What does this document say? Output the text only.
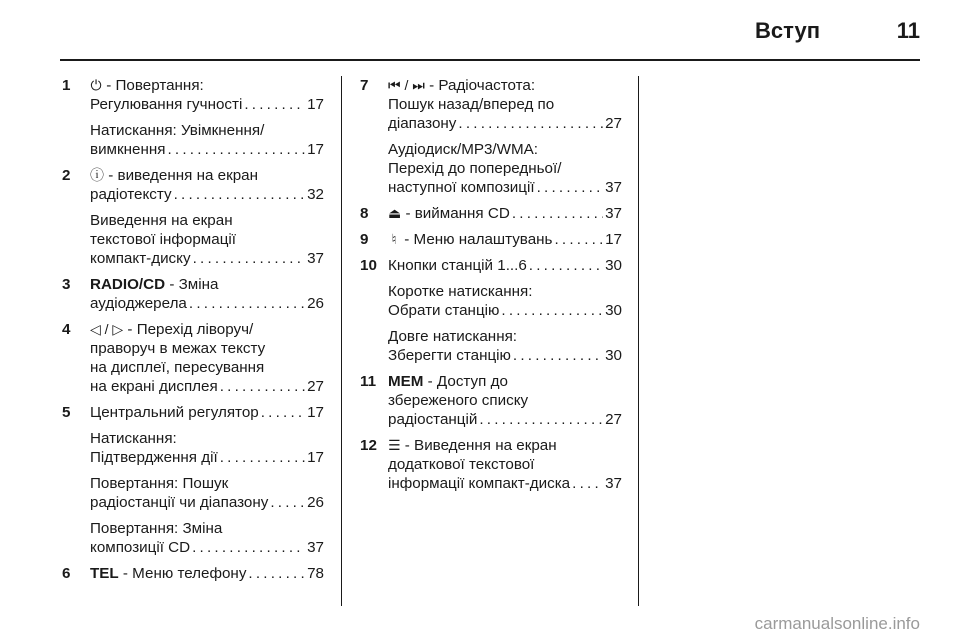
Вступ	11
1 ⏻ - Повертання:
Регулювання гучності . . .	17
Натискання: Увімкнення/
вимкнення . . .	17
2 ⓘ - виведення на екран
радіотексту . . .	32
Виведення на екран
текстової інформації
компакт-диску . . .	37
3 RADIO/CD - Зміна
аудіоджерела . . .	26
4 ◁ / ▷ - Перехід ліворуч/
праворуч в межах тексту
на дисплеї, пересування
на екрані дисплея . . .	27
5 Центральний регулятор . . .	17
Натискання:
Підтвердження дії . . .	17
Повертання: Пошук
радіостанції чи діапазону . . .	26
Повертання: Зміна
композиції CD . . .	37
6 TEL - Меню телефону . . .	78
7 ⏮ / ⏭ - Радіочастота:
Пошук назад/вперед по
діапазону . . .	27
Аудіодиск/MP3/WMA:
Перехід до попередньої/
наступної композиції . . .	37
8 ⏏ - виймання CD . . .	37
9 ♮ - Меню налаштувань . . .	17
10 Кнопки станцій 1...6 . . .	30
Коротке натискання:
Обрати станцію . . .	30
Довге натискання:
Зберегти станцію . . .	30
11 MEM - Доступ до
збереженого списку
радіостанцій . . .	27
12 ☰ - Виведення на екран
додаткової текстової
інформації компакт-диска . . . 37
carmanualsonline.info
